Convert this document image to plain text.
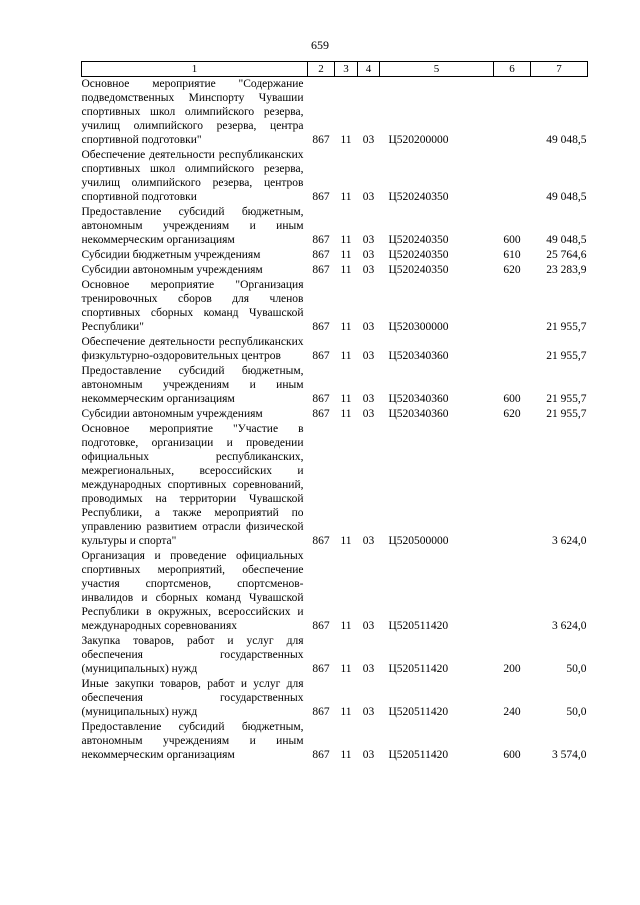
659
1	2	3	4	5	6	7
Основное мероприятие "Содержание подведомственных Минспорту Чувашии спортивных школ олимпийского резерва, училищ олимпийского резерва, центра спортивной подготовки"	867	11	03	Ц520200000		49 048,5
Обеспечение деятельности республиканских спортивных школ олимпийского резерва, училищ олимпийского резерва, центров спортивной подготовки	867	11	03	Ц520240350		49 048,5
Предоставление субсидий бюджетным, автономным учреждениям и иным некоммерческим организациям	867	11	03	Ц520240350	600	49 048,5
Субсидии бюджетным учреждениям	867	11	03	Ц520240350	610	25 764,6
Субсидии автономным учреждениям	867	11	03	Ц520240350	620	23 283,9
Основное мероприятие "Организация тренировочных сборов для членов спортивных сборных команд Чувашской Республики"	867	11	03	Ц520300000		21 955,7
Обеспечение деятельности республиканских физкультурно-оздоровительных центров	867	11	03	Ц520340360		21 955,7
Предоставление субсидий бюджетным, автономным учреждениям и иным некоммерческим организациям	867	11	03	Ц520340360	600	21 955,7
Субсидии автономным учреждениям	867	11	03	Ц520340360	620	21 955,7
Основное мероприятие "Участие в подготовке, организации и проведении официальных республиканских, межрегиональных, всероссийских и международных спортивных соревнований, проводимых на территории Чувашской Республики, а также мероприятий по управлению развитием отрасли физической культуры и спорта"	867	11	03	Ц520500000		3 624,0
Организация и проведение официальных спортивных мероприятий, обеспечение участия спортсменов, спортсменов-инвалидов и сборных команд Чувашской Республики в окружных, всероссийских и международных соревнованиях	867	11	03	Ц520511420		3 624,0
Закупка товаров, работ и услуг для обеспечения государственных (муниципальных) нужд	867	11	03	Ц520511420	200	50,0
Иные закупки товаров, работ и услуг для обеспечения государственных (муниципальных) нужд	867	11	03	Ц520511420	240	50,0
Предоставление субсидий бюджетным, автономным учреждениям и иным некоммерческим организациям	867	11	03	Ц520511420	600	3 574,0
